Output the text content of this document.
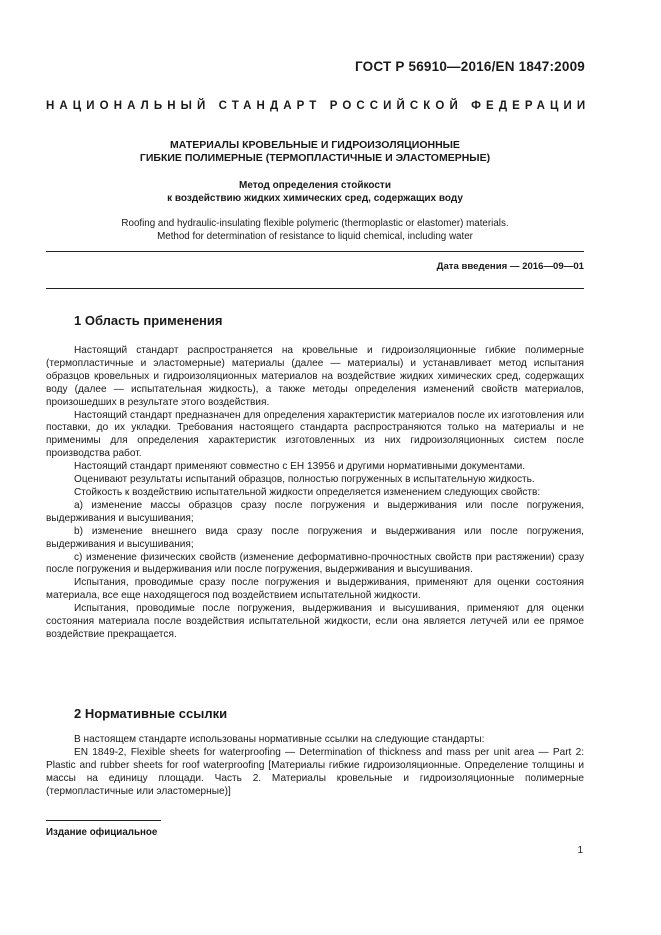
ГОСТ Р 56910—2016/EN 1847:2009
НАЦИОНАЛЬНЫЙ СТАНДАРТ РОССИЙСКОЙ ФЕДЕРАЦИИ
МАТЕРИАЛЫ КРОВЕЛЬНЫЕ И ГИДРОИЗОЛЯЦИОННЫЕ
ГИБКИЕ ПОЛИМЕРНЫЕ (ТЕРМОПЛАСТИЧНЫЕ И ЭЛАСТОМЕРНЫЕ)
Метод определения стойкости
к воздействию жидких химических сред, содержащих воду
Roofing and hydraulic-insulating flexible polymeric (thermoplastic or elastomer) materials.
Method for determination of resistance to liquid chemical, including water
Дата введения — 2016—09—01
1 Область применения

Настоящий стандарт распространяется на кровельные и гидроизоляционные гибкие полимерные (термопластичные и эластомерные) материалы (далее — материалы) и устанавливает метод испытания образцов кровельных и гидроизоляционных материалов на воздействие жидких химических сред, содержащих воду (далее — испытательная жидкость), а также методы определения изменений свойств материалов, произошедших в результате этого воздействия.

Настоящий стандарт предназначен для определения характеристик материалов после их изготовления или поставки, до их укладки. Требования настоящего стандарта распространяются только на материалы и не применимы для определения характеристик изготовленных из них гидроизоляционных систем после производства работ.

Настоящий стандарт применяют совместно с ЕН 13956 и другими нормативными документами.

Оценивают результаты испытаний образцов, полностью погруженных в испытательную жидкость.

Стойкость к воздействию испытательной жидкости определяется изменением следующих свойств:

a) изменение массы образцов сразу после погружения и выдерживания или после погружения, выдерживания и высушивания;

b) изменение внешнего вида сразу после погружения и выдерживания или после погружения, выдерживания и высушивания;

c) изменение физических свойств (изменение деформативно-прочностных свойств при растяжении) сразу после погружения и выдерживания или после погружения, выдерживания и высушивания.

Испытания, проводимые сразу после погружения и выдерживания, применяют для оценки состояния материала, все еще находящегося под воздействием испытательной жидкости.

Испытания, проводимые после погружения, выдерживания и высушивания, применяют для оценки состояния материала после воздействия испытательной жидкости, если она является летучей или ее прямое воздействие прекращается.

2 Нормативные ссылки

В настоящем стандарте использованы нормативные ссылки на следующие стандарты:

EN 1849-2, Flexible sheets for waterproofing — Determination of thickness and mass per unit area — Part 2: Plastic and rubber sheets for roof waterproofing [Материалы гибкие гидроизоляционные. Определение толщины и массы на единицу площади. Часть 2. Материалы кровельные и гидроизоляционные полимерные (термопластичные или эластомерные)]

Издание официальное
1
